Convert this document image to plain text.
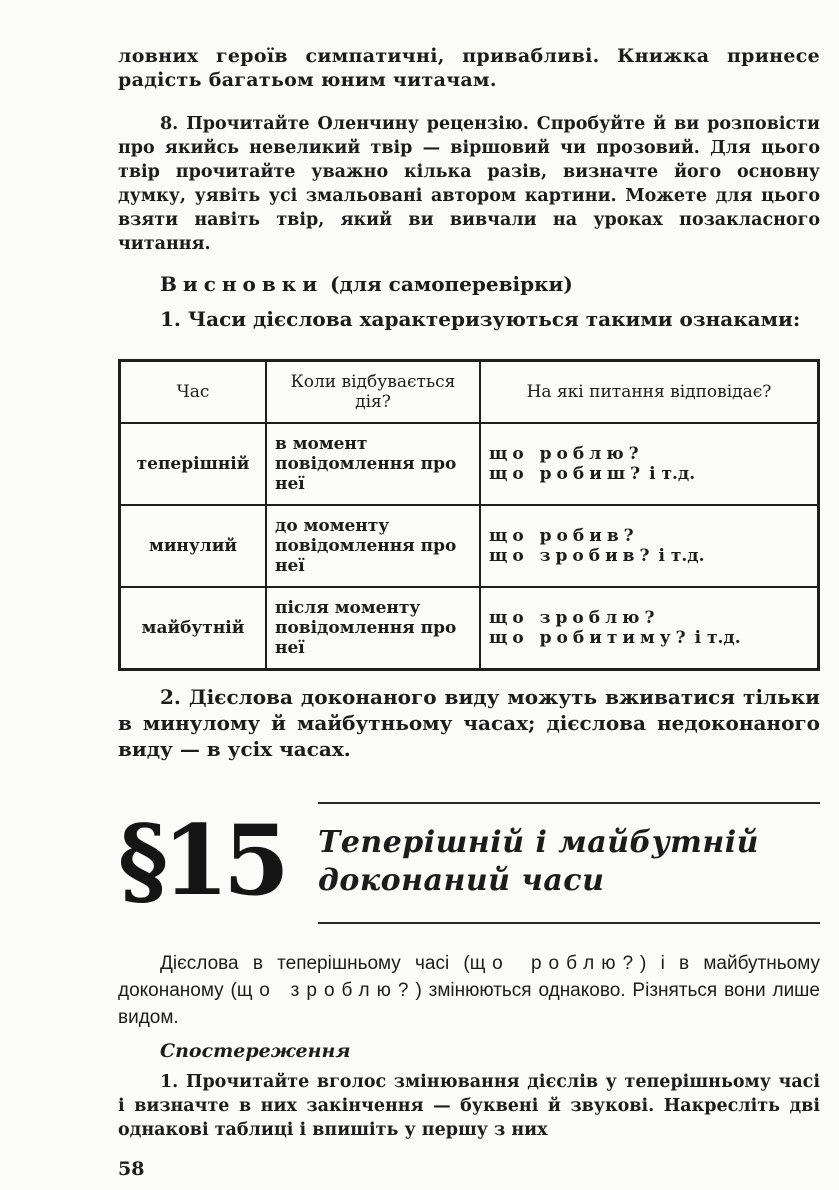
ловних героїв симпатичні, привабливі. Книжка принесе радість багатьом юним читачам.

8. Прочитайте Оленчину рецензію. Спробуйте й ви розповісти про якийсь невеликий твір — віршовий чи прозовий. Для цього твір прочитайте уважно кілька разів, визначте його основну думку, уявіть усі змальовані автором картини. Можете для цього взяти навіть твір, який ви вивчали на уроках позакласного читання.

Висновки (для самоперевірки)

1. Часи дієслова характеризуються такими ознаками:

Час	Коли відбувається дія?	На які питання відповідає?
теперішній	в момент повідомлення про неї	що роблю?
що робиш? і т.д.

минулий	до моменту повідомлення про неї	що робив?
що зробив? і т.д.

майбутній	після моменту повідомлення про неї	що зроблю?
що робитиму? і т.д.

2. Дієслова доконаного виду можуть вживатися тільки в минулому й майбутньому часах; дієслова недоконаного виду — в усіх часах.

§15 Теперішній і майбутній
доконаний часи

Дієслова в теперішньому часі (що роблю?) і в майбутньому доконаному (що зроблю?) змінюються однаково. Різняться вони лише видом.

Спостереження

1. Прочитайте вголос змінювання дієслів у теперішньому часі і визначте в них закінчення — буквені й звукові. Накресліть дві однакові таблиці і впишіть у першу з них

58
